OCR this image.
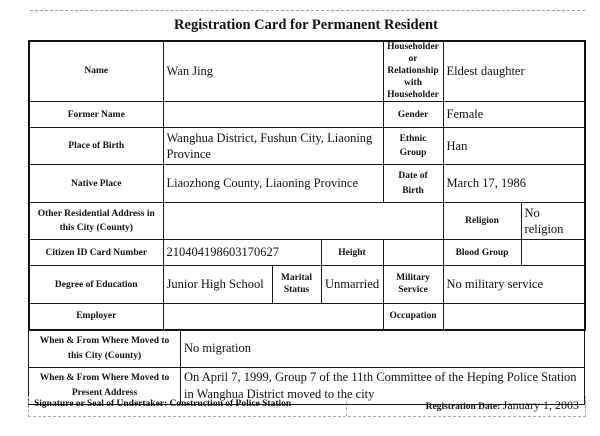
Registration Card for Permanent Resident
Name	Wan Jing			Householder or Relationship with Householder	Eldest daughter	
Former Name				Gender	Female	
Place of Birth	Wanghua District, Fushun City, Liaoning Province			Ethnic Group	Han	
Native Place	Liaozhong County, Liaoning Province			Date of Birth	March 17, 1986	
Other Residential Address in this City (County)					Religion	No religion
Citizen ID Card Number	210404198603170627		Height		Blood Group	
Degree of Education	Junior High School	Marital Status	Unmarried	Military Service	No military service	
Employer				Occupation		
When & From Where Moved to this City (County)	No migration
When & From Where Moved to Present Address	On April 7, 1999, Group 7 of the 11th Committee of the Heping Police Station in Wanghua District moved to the city
Signature or Seal of Undertaker: Construction of Police Station	Registration Date: January 1, 2003
